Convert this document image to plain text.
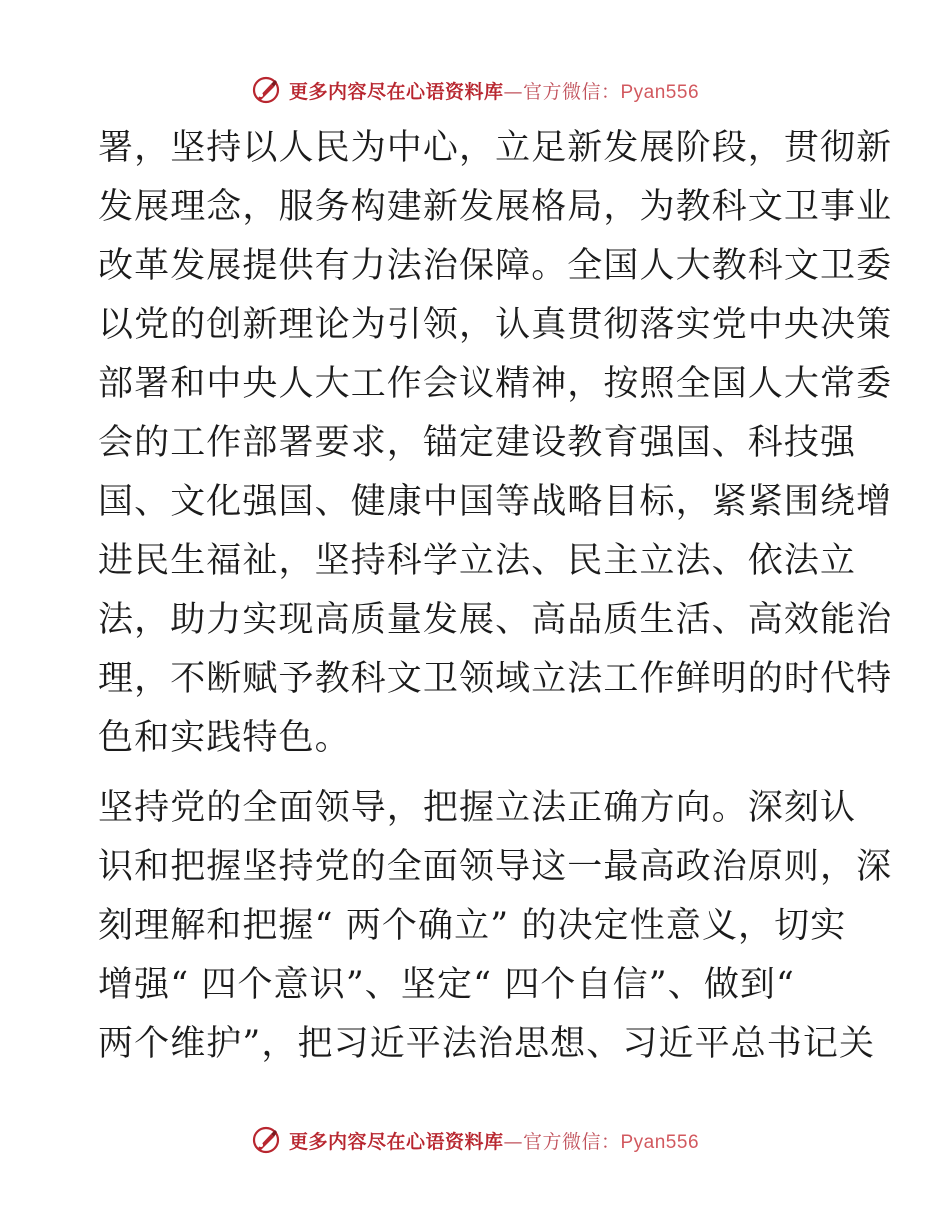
更多内容尽在心语资料库—官方微信：Pyan556
署，坚持以人民为中心，立足新发展阶段，贯彻新
发展理念，服务构建新发展格局，为教科文卫事业
改革发展提供有力法治保障。全国人大教科文卫委
以党的创新理论为引领，认真贯彻落实党中央决策
部署和中央人大工作会议精神，按照全国人大常委
会的工作部署要求，锚定建设教育强国、科技强
国、文化强国、健康中国等战略目标，紧紧围绕增
进民生福祉，坚持科学立法、民主立法、依法立
法，助力实现高质量发展、高品质生活、高效能治
理，不断赋予教科文卫领域立法工作鲜明的时代特
色和实践特色。
坚持党的全面领导，把握立法正确方向。深刻认
识和把握坚持党的全面领导这一最高政治原则，深
刻理解和把握“ 两个确立” 的决定性意义，切实
增强“ 四个意识”、坚定“ 四个自信”、做到“
两个维护”，把习近平法治思想、习近平总书记关
更多内容尽在心语资料库—官方微信：Pyan556
